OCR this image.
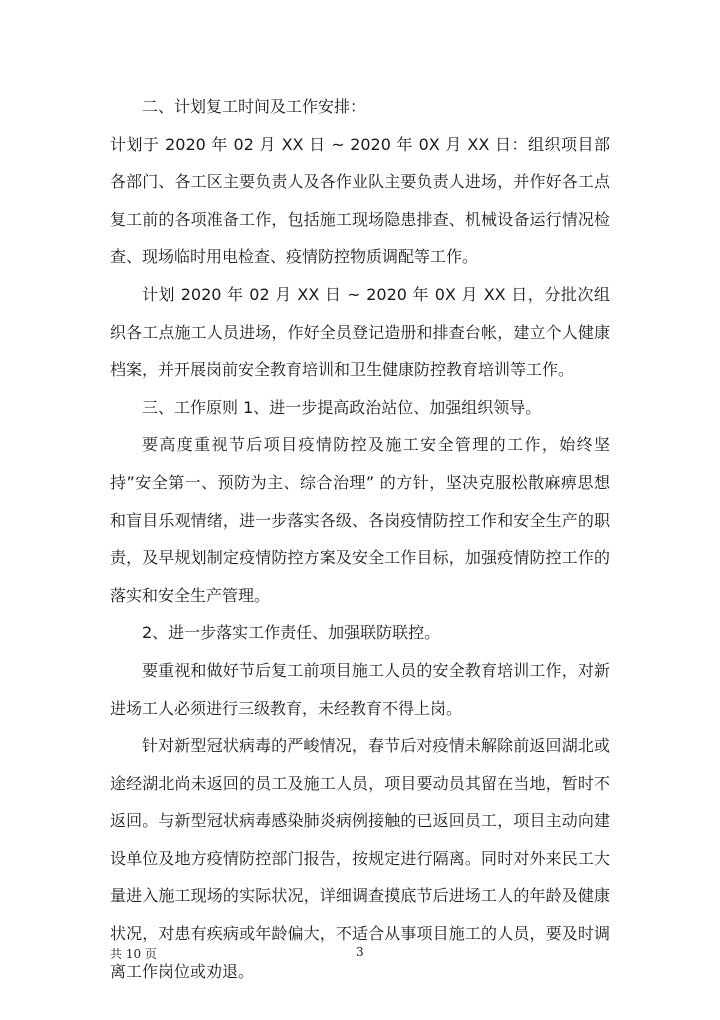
二、计划复工时间及工作安排：

计划于 2020 年 02 月 XX 日 ~ 2020 年 0X 月 XX 日：组织项目部各部门、各工区主要负责人及各作业队主要负责人进场，并作好各工点复工前的各项准备工作，包括施工现场隐患排查、机械设备运行情况检查、现场临时用电检查、疫情防控物质调配等工作。

计划 2020 年 02 月 XX 日 ~ 2020 年 0X 月 XX 日，分批次组织各工点施工人员进场，作好全员登记造册和排查台帐，建立个人健康档案，并开展岗前安全教育培训和卫生健康防控教育培训等工作。

三、工作原则 1、进一步提高政治站位、加强组织领导。

要高度重视节后项目疫情防控及施工安全管理的工作，始终坚持”安全第一、预防为主、综合治理” 的方针，坚决克服松散麻痹思想和盲目乐观情绪，进一步落实各级、各岗疫情防控工作和安全生产的职责，及早规划制定疫情防控方案及安全工作目标，加强疫情防控工作的落实和安全生产管理。

2、进一步落实工作责任、加强联防联控。

要重视和做好节后复工前项目施工人员的安全教育培训工作，对新进场工人必须进行三级教育，未经教育不得上岗。

针对新型冠状病毒的严峻情况，春节后对疫情未解除前返回湖北或途经湖北尚未返回的员工及施工人员，项目要动员其留在当地，暂时不返回。与新型冠状病毒感染肺炎病例接触的已返回员工，项目主动向建设单位及地方疫情防控部门报告，按规定进行隔离。同时对外来民工大量进入施工现场的实际状况，详细调查摸底节后进场工人的年龄及健康状况，对患有疾病或年龄偏大，不适合从事项目施工的人员，要及时调离工作岗位或劝退。

共 10 页	3
